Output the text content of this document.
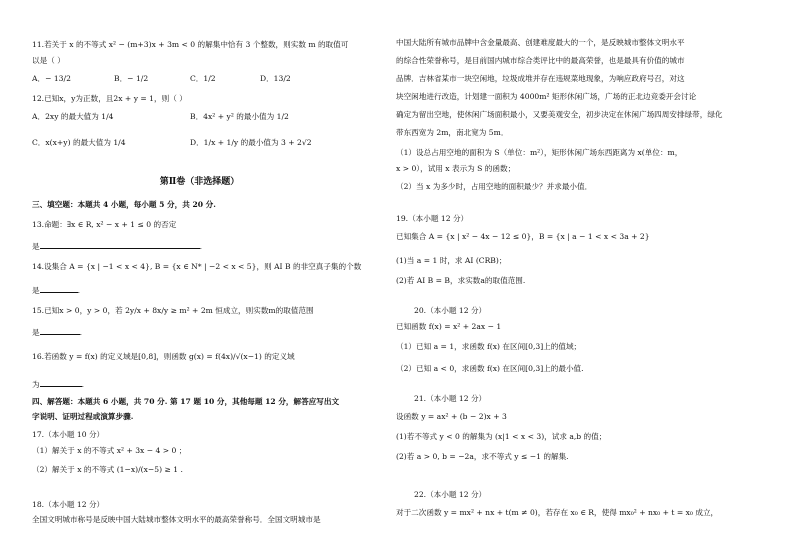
11.若关于 x 的不等式 x² − (m+3)x + 3m < 0 的解集中恰有 3 个整数，则实数 m 的取值可
以是（ ）
A．− 13/2	B．− 1/2	C．1/2	D．13/2
12.已知x，y为正数，且2x + y = 1，则（ ）
A．2xy 的最大值为 1/4	B．4x² + y² 的最小值为 1/2
C．x(x+y) 的最大值为 1/4	D．1/x + 1/y 的最小值为 3 + 2√2
第Ⅱ卷（非选择题）
三、填空题：本题共 4 小题，每小题 5 分，共 20 分.
13.命题：∃x ∈ R, x² − x + 1 ≤ 0 的否定
是	.
14.设集合 A = {x | −1 < x < 4}, B = {x ∈ N* | −2 < x < 5}，则 AI B 的非空真子集的个数
是	.
15.已知x > 0，y > 0，若 2y/x + 8x/y ≥ m² + 2m 恒成立，则实数m的取值范围
是	.
16.若函数 y = f(x) 的定义域是[0,8]，则函数 g(x) = f(4x)/√(x−1) 的定义域
为	.
四、解答题：本题共 6 小题，共 70 分. 第 17 题 10 分，其他每题 12 分，解答应写出文
字说明、证明过程或演算步骤.
17.（本小题 10 分）
（1）解关于 x 的不等式 x² + 3x − 4 > 0 ；
（2）解关于 x 的不等式 (1−x)/(x−5) ≥ 1 .
18.（本小题 12 分）
全国文明城市称号是反映中国大陆城市整体文明水平的最高荣誉称号．全国文明城市是
中国大陆所有城市品牌中含金量最高、创建难度最大的一个，是反映城市整体文明水平
的综合性荣誉称号，是目前国内城市综合类评比中的最高荣誉，也是最具有价值的城市
品牌．吉林省某市一块空闲地，垃圾成堆并存在违规菜地现象，为响应政府号召，对这
块空闲地进行改造，计划建一面积为 4000m² 矩形休闲广场，广场的正北边竞委开会讨论
确定为留出空地，使休闲广场面积最小，又要美观安全，初步决定在休闲广场四周安排绿带，绿化
带东西宽为 2m，南北宽为 5m．
（1）设总占用空地的面积为 S（单位：m²），矩形休闲广场东西距离为 x(单位：m，
x > 0），试用 x 表示为 S 的函数；
（2）当 x 为多少时，占用空地的面积最少？并求最小值．
19.（本小题 12 分）
已知集合 A = {x | x² − 4x − 12 ≤ 0}，B = {x | a − 1 < x < 3a + 2}
(1)当 a = 1 时，求 AI (CRB)；
(2)若 AI B = B，求实数a的取值范围.
20.（本小题 12 分）
已知函数 f(x) = x² + 2ax − 1
（1）已知 a = 1，求函数 f(x) 在区间[0,3]上的值域；
（2）已知 a < 0，求函数 f(x) 在区间[0,3]上的最小值.
21.（本小题 12 分）
设函数 y = ax² + (b − 2)x + 3
(1)若不等式 y < 0 的解集为 (x|1 < x < 3)，试求 a,b 的值；
(2)若 a > 0, b = −2a，求不等式 y ≤ −1 的解集.
22.（本小题 12 分）
对于二次函数 y = mx² + nx + t(m ≠ 0)，若存在 x₀ ∈ R，使得 mx₀² + nx₀ + t = x₀ 成立，
